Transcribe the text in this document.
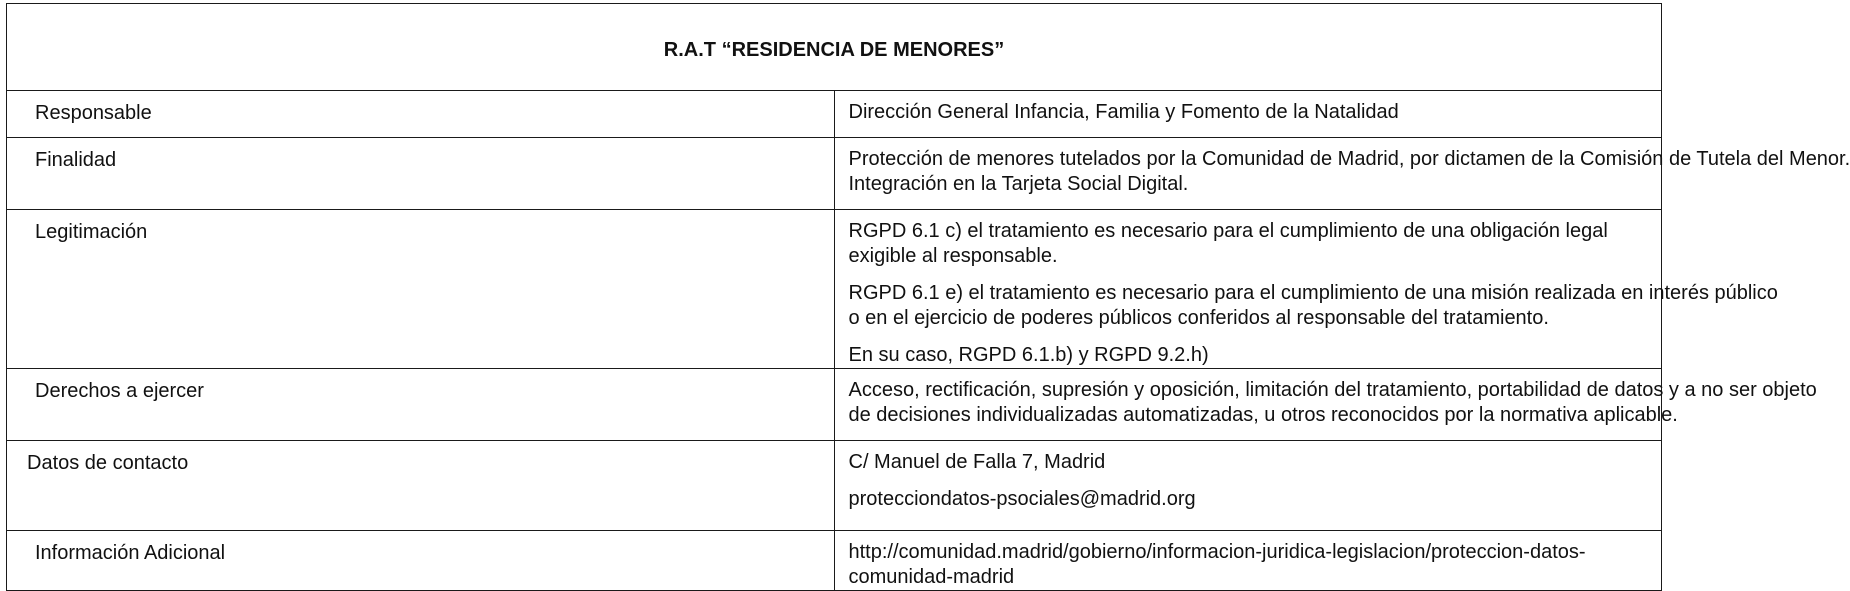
R.A.T “RESIDENCIA DE MENORES”	
Responsable	Dirección General Infancia, Familia y Fomento de la Natalidad
Finalidad	Protección de menores tutelados por la Comunidad de Madrid, por dictamen de la Comisión de Tutela del Menor.
Integración en la Tarjeta Social Digital.

Legitimación	RGPD 6.1 c) el tratamiento es necesario para el cumplimiento de una obligación legal exigible al responsable.
RGPD 6.1 e) el tratamiento es necesario para el cumplimiento de una misión realizada en interés público
o en el ejercicio de poderes públicos conferidos al responsable del tratamiento.
En su caso, RGPD 6.1.b) y RGPD 9.2.h)

Derechos a ejercer	Acceso, rectificación, supresión y oposición, limitación del tratamiento, portabilidad de datos y a no ser objeto
de decisiones individualizadas automatizadas, u otros reconocidos por la normativa aplicable.

Datos de contacto	C/ Manuel de Falla 7, Madrid
protecciondatos-psociales@madrid.org

Información Adicional	http://comunidad.madrid/gobierno/informacion-juridica-legislacion/proteccion-datos-comunidad-madrid
